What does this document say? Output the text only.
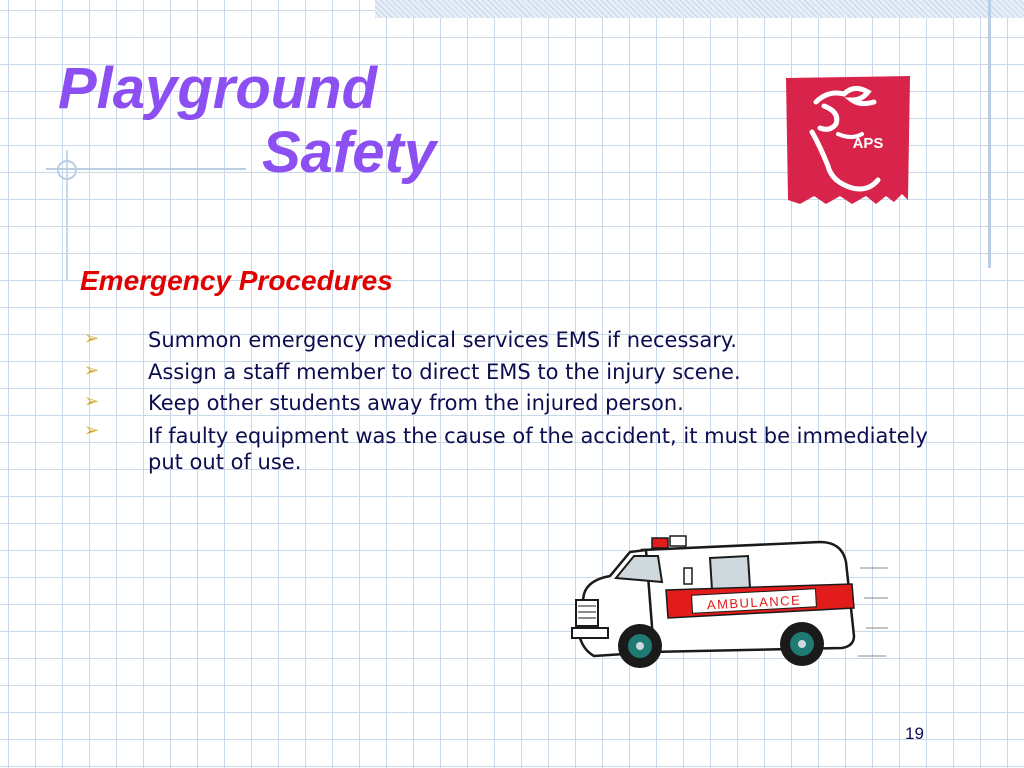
Playground
Safety	APS
Emergency Procedures
➢ Summon emergency medical services EMS if necessary.
➢ Assign a staff member to direct EMS to the injury scene.
➢ Keep other students away from the injured person.
➢ If faulty equipment was the cause of the accident, it must be immediately put out of use.
AMBULANCE

19
